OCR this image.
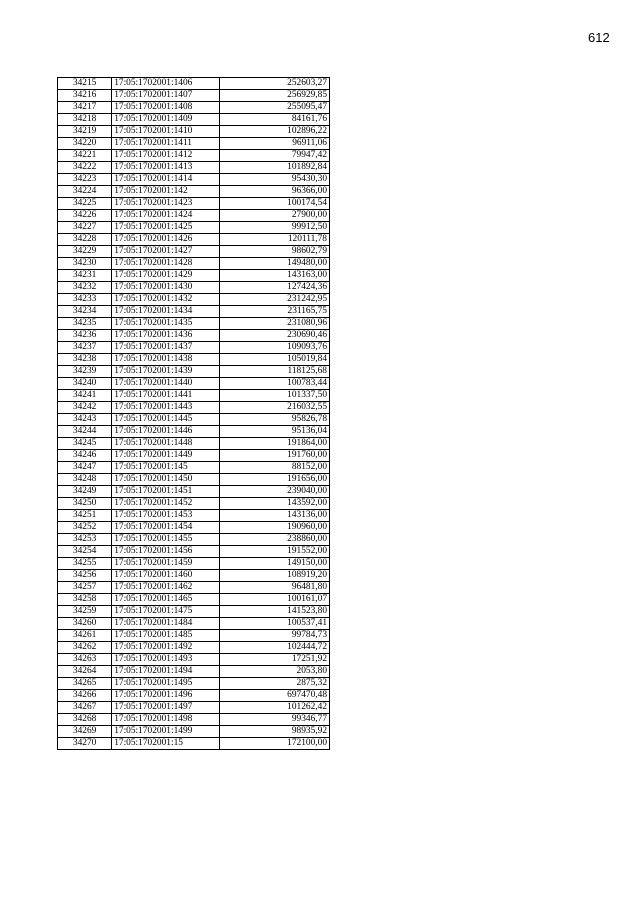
612
34215	17:05:1702001:1406	252603,27
34216	17:05:1702001:1407	256929,85
34217	17:05:1702001:1408	255095,47
34218	17:05:1702001:1409	84161,76
34219	17:05:1702001:1410	102896,22
34220	17:05:1702001:1411	96911,06
34221	17:05:1702001:1412	79947,42
34222	17:05:1702001:1413	101892,84
34223	17:05:1702001:1414	95430,30
34224	17:05:1702001:142	96366,00
34225	17:05:1702001:1423	100174,54
34226	17:05:1702001:1424	27900,00
34227	17:05:1702001:1425	99912,50
34228	17:05:1702001:1426	120111,78
34229	17:05:1702001:1427	98602,79
34230	17:05:1702001:1428	149480,00
34231	17:05:1702001:1429	143163,00
34232	17:05:1702001:1430	127424,36
34233	17:05:1702001:1432	231242,95
34234	17:05:1702001:1434	231165,75
34235	17:05:1702001:1435	231080,96
34236	17:05:1702001:1436	230690,46
34237	17:05:1702001:1437	109093,76
34238	17:05:1702001:1438	105019,84
34239	17:05:1702001:1439	118125,68
34240	17:05:1702001:1440	100783,44
34241	17:05:1702001:1441	101337,50
34242	17:05:1702001:1443	216032,55
34243	17:05:1702001:1445	95826,78
34244	17:05:1702001:1446	95136,04
34245	17:05:1702001:1448	191864,00
34246	17:05:1702001:1449	191760,00
34247	17:05:1702001:145	88152,00
34248	17:05:1702001:1450	191656,00
34249	17:05:1702001:1451	239040,00
34250	17:05:1702001:1452	143592,00
34251	17:05:1702001:1453	143136,00
34252	17:05:1702001:1454	190960,00
34253	17:05:1702001:1455	238860,00
34254	17:05:1702001:1456	191552,00
34255	17:05:1702001:1459	149150,00
34256	17:05:1702001:1460	108919,20
34257	17:05:1702001:1462	96481,80
34258	17:05:1702001:1465	100161,07
34259	17:05:1702001:1475	141523,80
34260	17:05:1702001:1484	100537,41
34261	17:05:1702001:1485	99784,73
34262	17:05:1702001:1492	102444,72
34263	17:05:1702001:1493	17251,92
34264	17:05:1702001:1494	2053,80
34265	17:05:1702001:1495	2875,32
34266	17:05:1702001:1496	697470,48
34267	17:05:1702001:1497	101262,42
34268	17:05:1702001:1498	99346,77
34269	17:05:1702001:1499	98935,92
34270	17:05:1702001:15	172100,00
